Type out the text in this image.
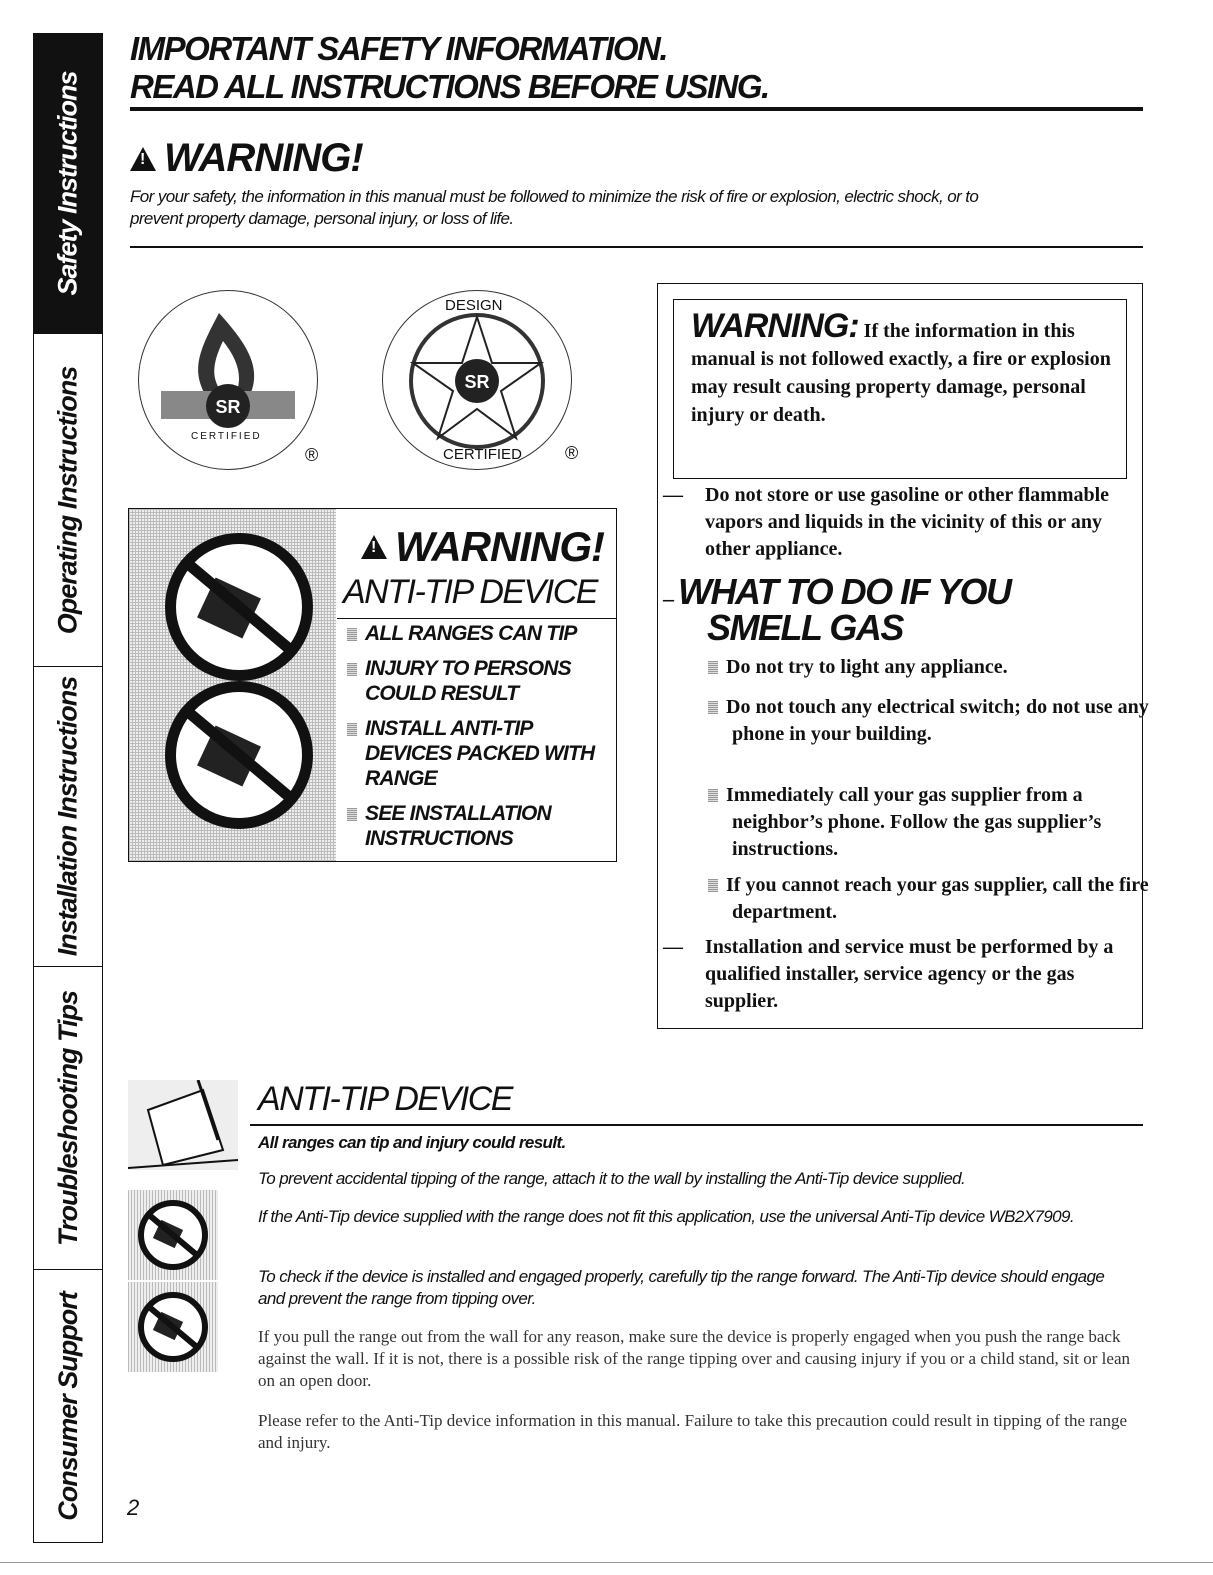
Safety Instructions
Operating Instructions
Installation Instructions
Troubleshooting Tips
Consumer Support
IMPORTANT SAFETY INFORMATION.
READ ALL INSTRUCTIONS BEFORE USING.
!
WARNING!
For your safety, the information in this manual must be followed to minimize the risk of fire or explosion, electric shock, or to prevent property damage, personal injury, or loss of life.
SR
CERTIFIED
®
SR
DESIGN
CERTIFIED ®
!
WARNING!
ANTI-TIP DEVICE
ALL RANGES CAN TIP
INJURY TO PERSONS COULD RESULT
INSTALL ANTI-TIP DEVICES PACKED WITH RANGE
SEE INSTALLATION INSTRUCTIONS
WARNING: If the information in this manual is not followed exactly, a fire or explosion may result causing property damage, personal injury or death.
— Do not store or use gasoline or other flammable vapors and liquids in the vicinity of this or any other appliance.
WHAT TO DO IF YOU
SMELL GAS
–
Do not try to light any appliance.
Do not touch any electrical switch; do not use any phone in your building.
Immediately call your gas supplier from a neighbor’s phone. Follow the gas supplier’s instructions.
If you cannot reach your gas supplier, call the fire department.
— Installation and service must be performed by a qualified installer, service agency or the gas supplier.
ANTI-TIP DEVICE
All ranges can tip and injury could result.
To prevent accidental tipping of the range, attach it to the wall by installing the Anti-Tip device supplied.
If the Anti-Tip device supplied with the range does not fit this application, use the universal Anti-Tip device WB2X7909.
To check if the device is installed and engaged properly, carefully tip the range forward. The Anti-Tip device should engage and prevent the range from tipping over.
If you pull the range out from the wall for any reason, make sure the device is properly engaged when you push the range back against the wall. If it is not, there is a possible risk of the range tipping over and causing injury if you or a child stand, sit or lean on an open door.
Please refer to the Anti-Tip device information in this manual. Failure to take this precaution could result in tipping of the range and injury.
2
